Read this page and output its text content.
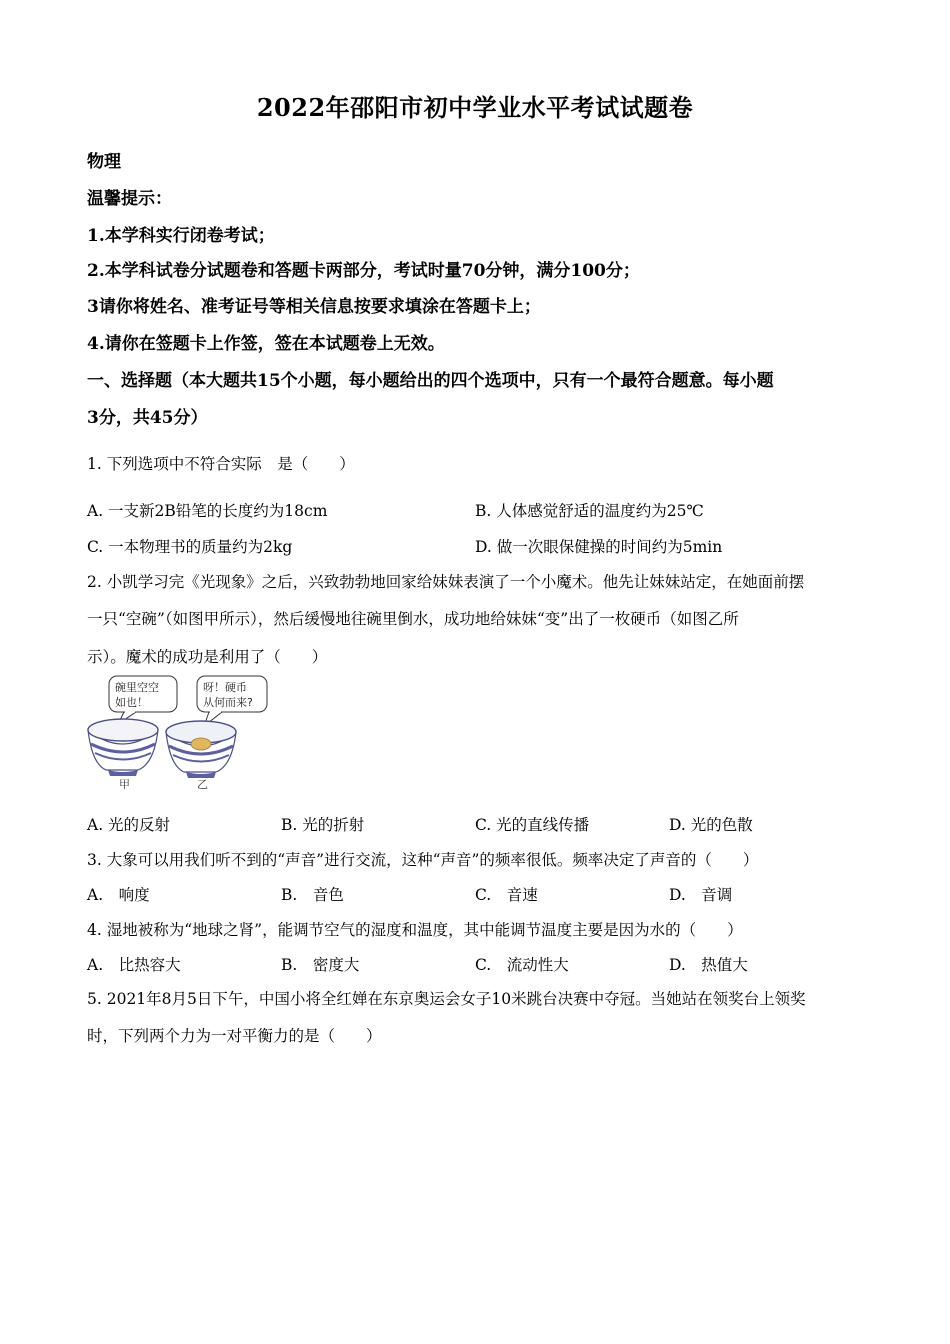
2022年邵阳市初中学业水平考试试题卷
物理
温馨提示：
1.本学科实行闭卷考试；
2.本学科试卷分试题卷和答题卡两部分，考试时量70分钟，满分100分；
3请你将姓名、准考证号等相关信息按要求填涂在答题卡上；
4.请你在签题卡上作签，签在本试题卷上无效。
一、选择题（本大题共15个小题，每小题给出的四个选项中，只有一个最符合题意。每小题
3分，共45分）
1. 下列选项中不符合实际　是（　　）
A. 一支新2B铅笔的长度约为18cm	B. 人体感觉舒适的温度约为25℃
C. 一本物理书的质量约为2kg	D. 做一次眼保健操的时间约为5min
2. 小凯学习完《光现象》之后，兴致勃勃地回家给妹妹表演了一个小魔术。他先让妹妹站定，在她面前摆
一只“空碗”（如图甲所示），然后缓慢地往碗里倒水，成功地给妹妹“变”出了一枚硬币（如图乙所
示）。魔术的成功是利用了（　　）
碗里空空
如也！
呀！硬币
从何而来?
甲	乙
A. 光的反射	B. 光的折射	C. 光的直线传播	D. 光的色散
3. 大象可以用我们听不到的“声音”进行交流，这种“声音”的频率很低。频率决定了声音的（　　）
A.　响度	B.　音色	C.　音速	D.　音调
4. 湿地被称为“地球之肾”，能调节空气的湿度和温度，其中能调节温度主要是因为水的（　　）
A.　比热容大	B.　密度大	C.　流动性大	D.　热值大
5. 2021年8月5日下午，中国小将全红婵在东京奥运会女子10米跳台决赛中夺冠。当她站在领奖台上领奖
时，下列两个力为一对平衡力的是（　　）
